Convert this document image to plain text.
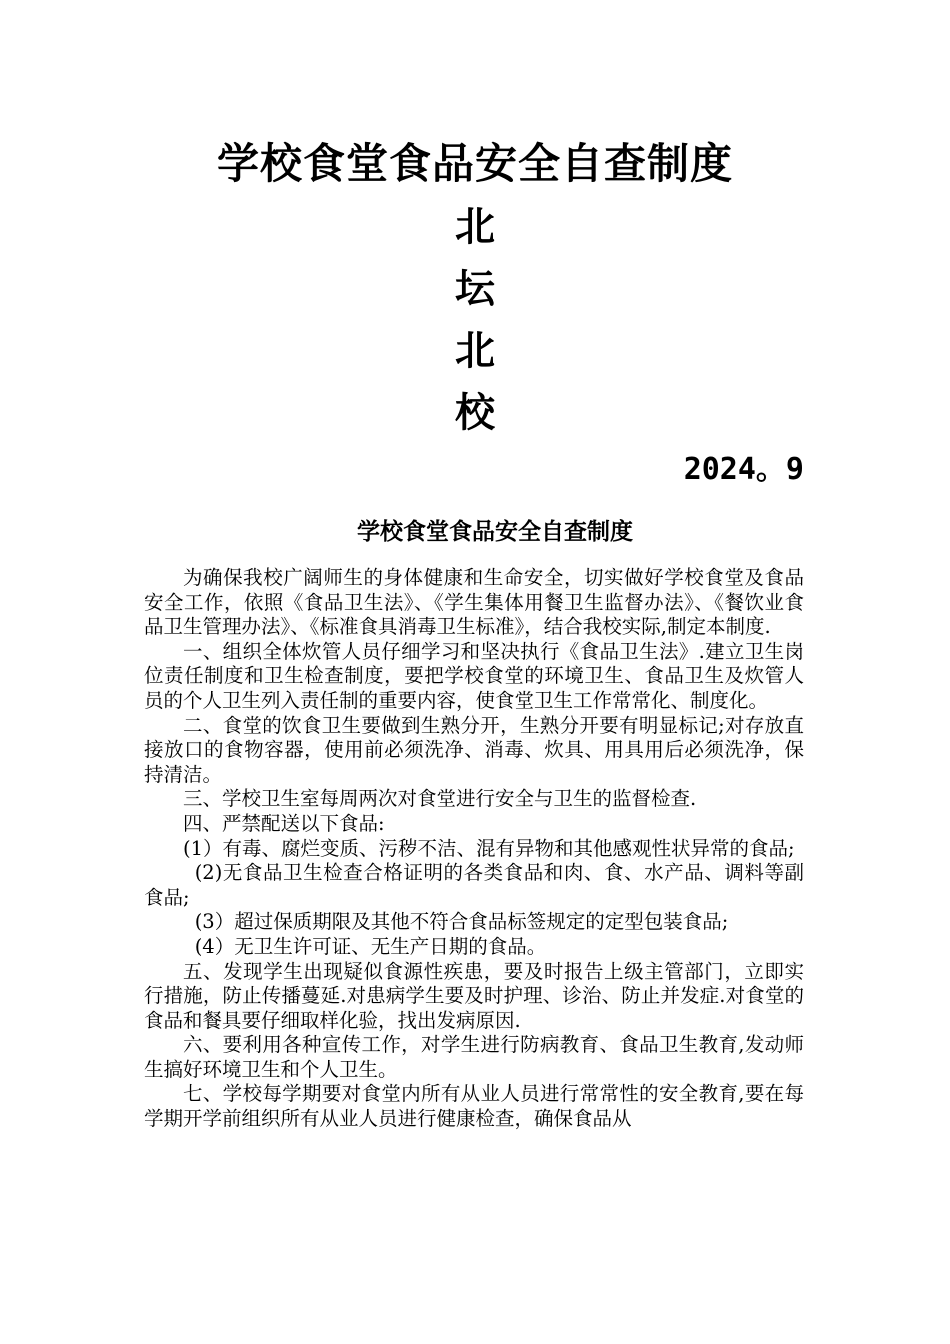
学校食堂食品安全自查制度
北
坛
北
校
2024。9
学校食堂食品安全自查制度

为确保我校广阔师生的身体健康和生命安全，切实做好学校食堂及食品安全工作，依照《食品卫生法》、《学生集体用餐卫生监督办法》、《餐饮业食品卫生管理办法》、《标准食具消毒卫生标准》，结合我校实际,制定本制度.

一、组织全体炊管人员仔细学习和坚决执行《食品卫生法》.建立卫生岗位责任制度和卫生检查制度，要把学校食堂的环境卫生、食品卫生及炊管人员的个人卫生列入责任制的重要内容，使食堂卫生工作常常化、制度化。

二、食堂的饮食卫生要做到生熟分开，生熟分开要有明显标记;对存放直接放口的食物容器，使用前必须洗净、消毒、炊具、用具用后必须洗净，保持清洁。

三、学校卫生室每周两次对食堂进行安全与卫生的监督检查.

四、严禁配送以下食品:

(1）有毒、腐烂变质、污秽不洁、混有异物和其他感观性状异常的食品;

(2)无食品卫生检查合格证明的各类食品和肉、食、水产品、调料等副食品;

(3）超过保质期限及其他不符合食品标签规定的定型包装食品;

(4）无卫生许可证、无生产日期的食品。

五、发现学生出现疑似食源性疾患，要及时报告上级主管部门，立即实行措施，防止传播蔓延.对患病学生要及时护理、诊治、防止并发症.对食堂的食品和餐具要仔细取样化验，找出发病原因.

六、要利用各种宣传工作，对学生进行防病教育、食品卫生教育,发动师生搞好环境卫生和个人卫生。

七、学校每学期要对食堂内所有从业人员进行常常性的安全教育,要在每学期开学前组织所有从业人员进行健康检查，确保食品从
